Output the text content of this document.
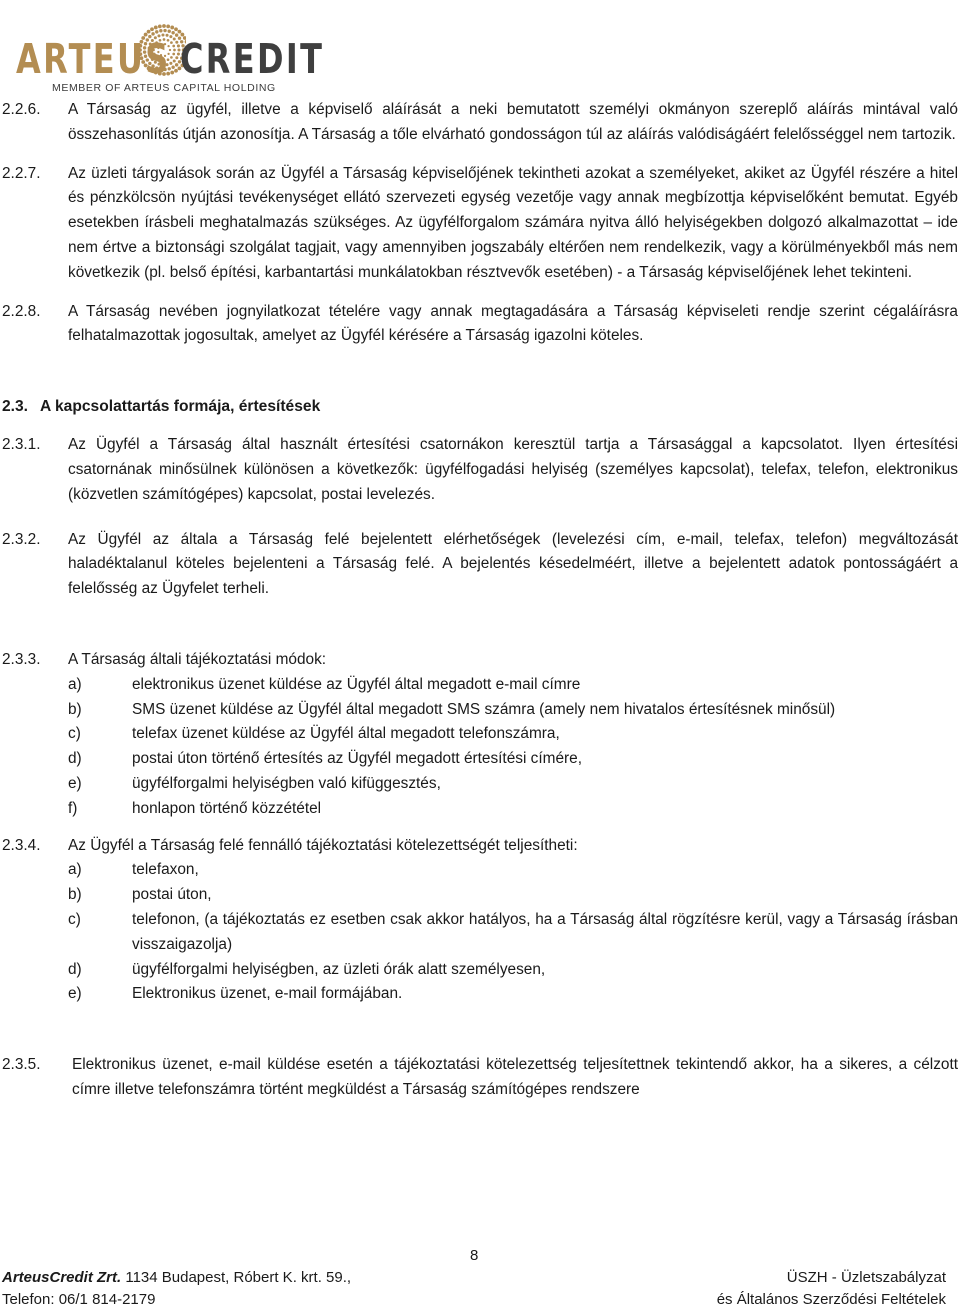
ARTEUS CREDIT
MEMBER OF ARTEUS CAPITAL HOLDING
2.2.6. A Társaság az ügyfél, illetve a képviselő aláírását a neki bemutatott személyi okmányon szereplő aláírás mintával való összehasonlítás útján azonosítja. A Társaság a tőle elvárható gondosságon túl az aláírás valódiságáért felelősséggel nem tartozik.
2.2.7. Az üzleti tárgyalások során az Ügyfél a Társaság képviselőjének tekintheti azokat a személyeket, akiket az Ügyfél részére a hitel és pénzkölcsön nyújtási tevékenységet ellátó szervezeti egység vezetője vagy annak megbízottja képviselőként bemutat. Egyéb esetekben írásbeli meghatalmazás szükséges. Az ügyfélforgalom számára nyitva álló helyiségekben dolgozó alkalmazottat – ide nem értve a biztonsági szolgálat tagjait, vagy amennyiben jogszabály eltérően nem rendelkezik, vagy a körülményekből más nem következik (pl. belső építési, karbantartási munkálatokban résztvevők esetében) - a Társaság képviselőjének lehet tekinteni.
2.2.8. A Társaság nevében jognyilatkozat tételére vagy annak megtagadására a Társaság képviseleti rendje szerint cégaláírásra felhatalmazottak jogosultak, amelyet az Ügyfél kérésére a Társaság igazolni köteles.
2.3. A kapcsolattartás formája, értesítések
2.3.1. Az Ügyfél a Társaság által használt értesítési csatornákon keresztül tartja a Társasággal a kapcsolatot. Ilyen értesítési csatornának minősülnek különösen a következők: ügyfélfogadási helyiség (személyes kapcsolat), telefax, telefon, elektronikus (közvetlen számítógépes) kapcsolat, postai levelezés.
2.3.2. Az Ügyfél az általa a Társaság felé bejelentett elérhetőségek (levelezési cím, e-mail, telefax, telefon) megváltozását haladéktalanul köteles bejelenteni a Társaság felé. A bejelentés késedelméért, illetve a bejelentett adatok pontosságáért a felelősség az Ügyfelet terheli.
2.3.3. A Társaság általi tájékoztatási módok:
a)	elektronikus üzenet küldése az Ügyfél által megadott e-mail címre
b)	SMS üzenet küldése az Ügyfél által megadott SMS számra (amely nem hivatalos értesítésnek minősül)
c)	telefax üzenet küldése az Ügyfél által megadott telefonszámra,
d)	postai úton történő értesítés az Ügyfél megadott értesítési címére,
e)	ügyfélforgalmi helyiségben való kifüggesztés,
f)	honlapon történő közzététel
2.3.4. Az Ügyfél a Társaság felé fennálló tájékoztatási kötelezettségét teljesítheti:
a)	telefaxon,
b)	postai úton,
c)	telefonon, (a tájékoztatás ez esetben csak akkor hatályos, ha a Társaság által rögzítésre kerül, vagy a Társaság írásban visszaigazolja)
d)	ügyfélforgalmi helyiségben, az üzleti órák alatt személyesen,
e)	Elektronikus üzenet, e-mail formájában.
2.3.5. Elektronikus üzenet, e-mail küldése esetén a tájékoztatási kötelezettség teljesítettnek tekintendő akkor, ha a sikeres, a célzott címre illetve telefonszámra történt megküldést a Társaság számítógépes rendszere
8
ArteusCredit Zrt. 1134 Budapest, Róbert K. krt. 59.,
Telefon: 06/1 814-2179
ÜSZH - Üzletszabályzat
és Általános Szerződési Feltételek
